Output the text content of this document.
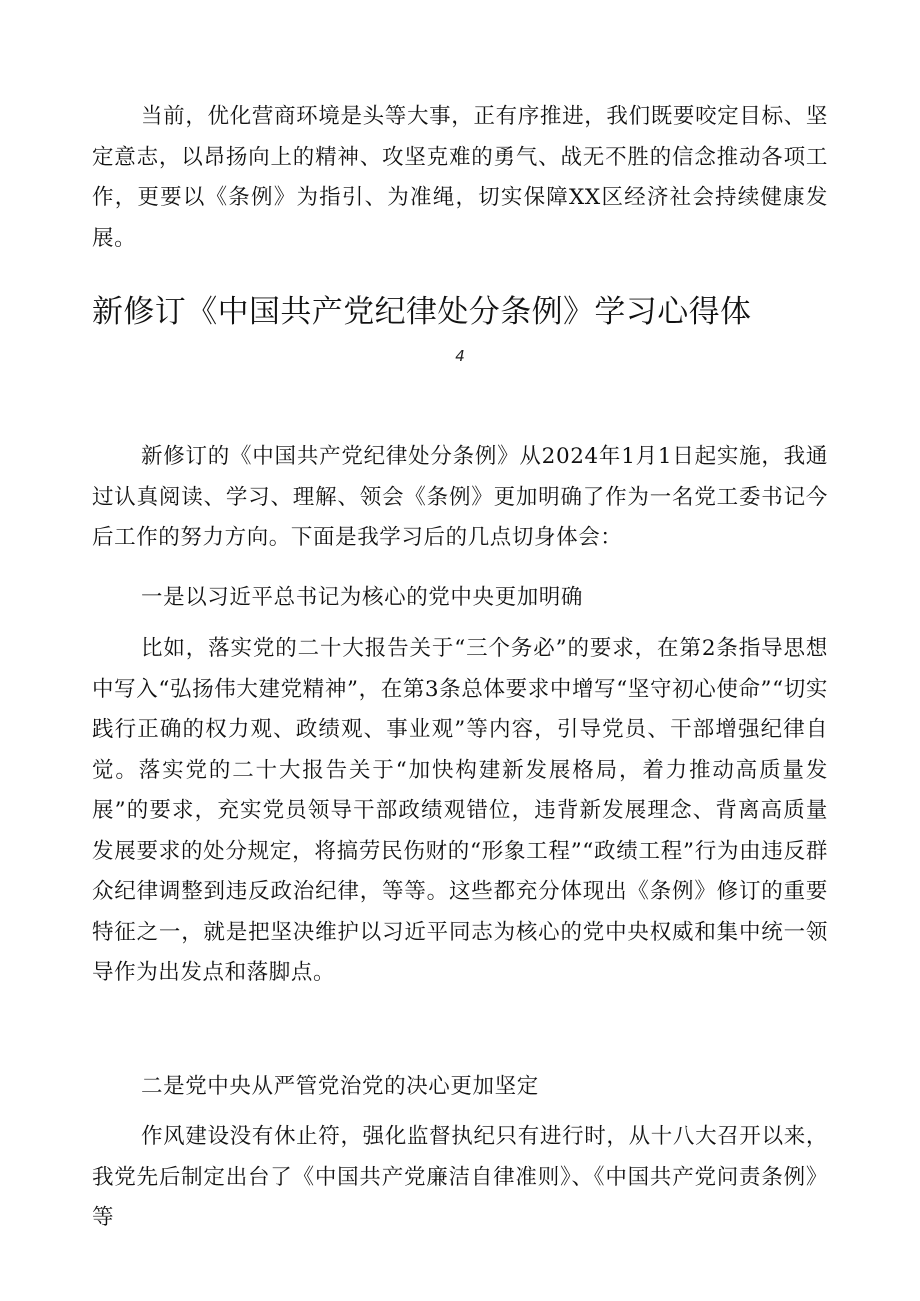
当前，优化营商环境是头等大事，正有序推进，我们既要咬定目标、坚定意志，以昂扬向上的精神、攻坚克难的勇气、战无不胜的信念推动各项工作，更要以《条例》为指引、为准绳，切实保障XX区经济社会持续健康发展。

新修订《中国共产党纪律处分条例》学习心得体
4

新修订的《中国共产党纪律处分条例》从2024年1月1日起实施，我通过认真阅读、学习、理解、领会《条例》更加明确了作为一名党工委书记今后工作的努力方向。下面是我学习后的几点切身体会：

一是以习近平总书记为核心的党中央更加明确

比如，落实党的二十大报告关于“三个务必”的要求，在第2条指导思想中写入“弘扬伟大建党精神”，在第3条总体要求中增写“坚守初心使命”“切实践行正确的权力观、政绩观、事业观”等内容，引导党员、干部增强纪律自觉。落实党的二十大报告关于“加快构建新发展格局，着力推动高质量发展”的要求，充实党员领导干部政绩观错位，违背新发展理念、背离高质量发展要求的处分规定，将搞劳民伤财的“形象工程”“政绩工程”行为由违反群众纪律调整到违反政治纪律，等等。这些都充分体现出《条例》修订的重要特征之一，就是把坚决维护以习近平同志为核心的党中央权威和集中统一领导作为出发点和落脚点。

二是党中央从严管党治党的决心更加坚定

作风建设没有休止符，强化监督执纪只有进行时，从十八大召开以来，我党先后制定出台了《中国共产党廉洁自律准则》、《中国共产党问责条例》等
